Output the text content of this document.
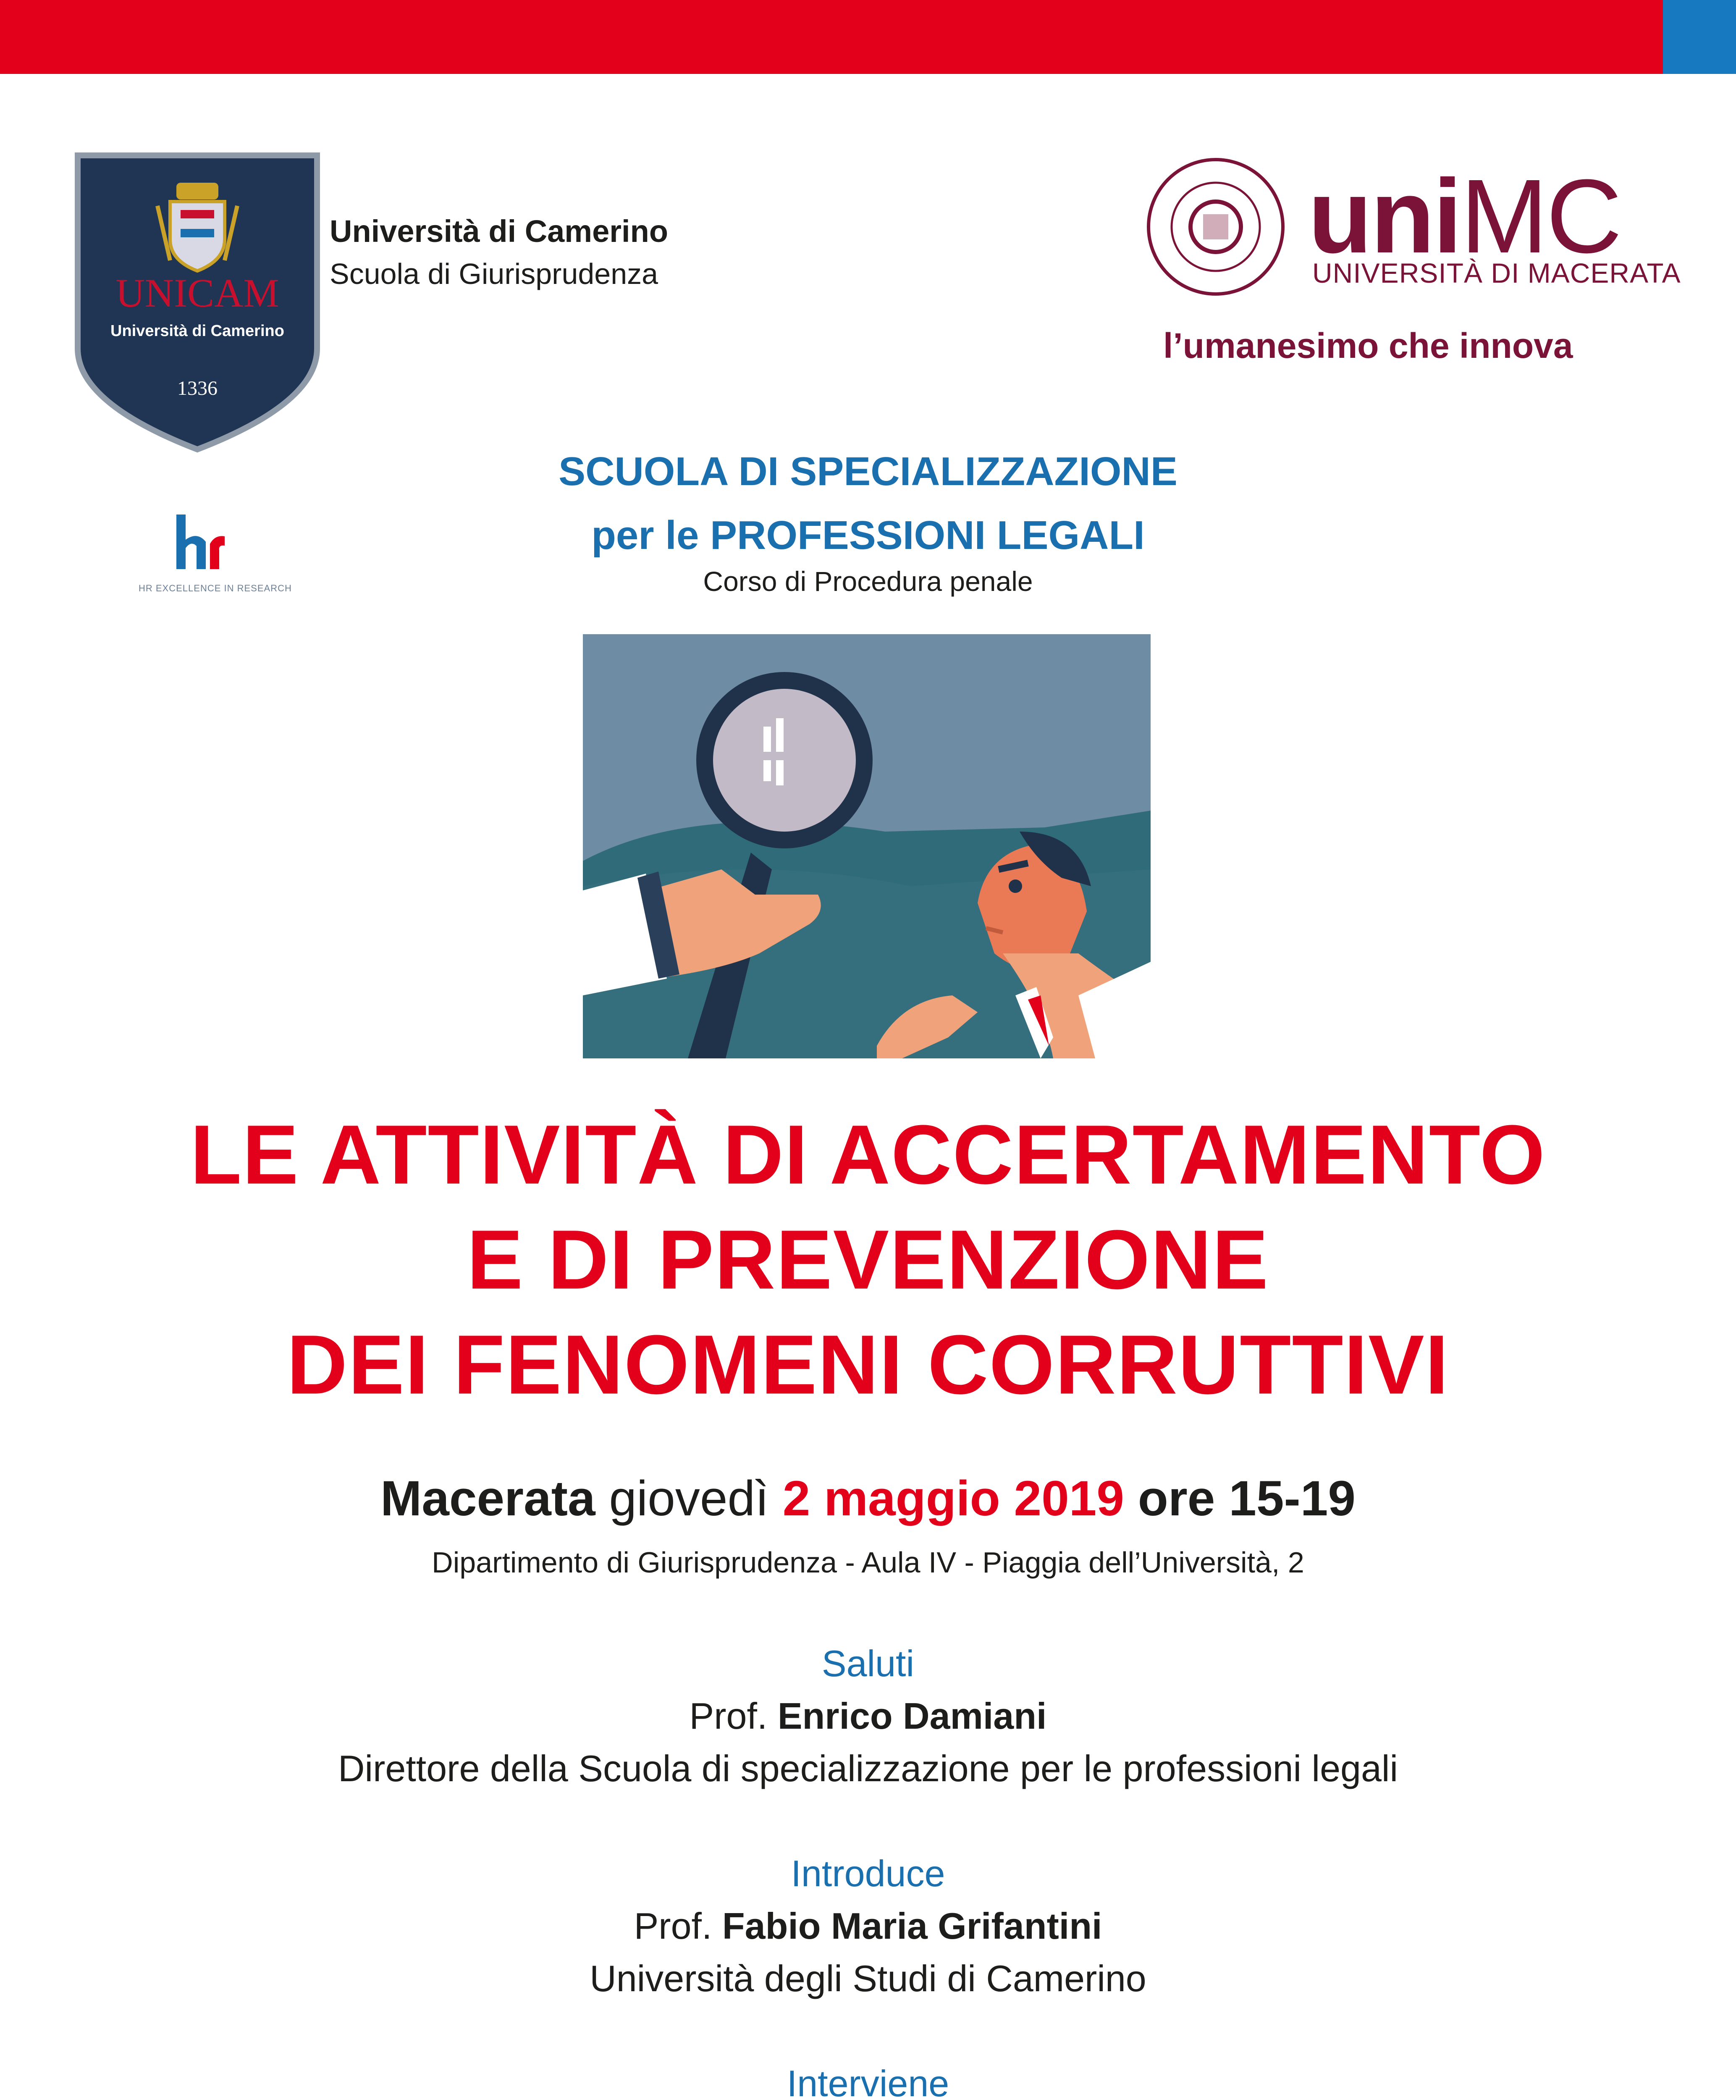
UNICAM
Università di Camerino
1336
Università di Camerino
Scuola di Giurisprudenza	uniMC
UNIVERSITÀ DI MACERATA
l’umanesimo che innova
HR EXCELLENCE IN RESEARCH
SCUOLA DI SPECIALIZZAZIONE
per le PROFESSIONI LEGALI
Corso di Procedura penale
LE ATTIVITÀ DI ACCERTAMENTO
E DI PREVENZIONE
DEI FENOMENI CORRUTTIVI
Macerata giovedì 2 maggio 2019 ore 15-19
Dipartimento di Giurisprudenza - Aula IV - Piaggia dell’Università, 2
Saluti
Prof. Enrico Damiani
Direttore della Scuola di specializzazione per le professioni legali
Introduce
Prof. Fabio Maria Grifantini
Università degli Studi di Camerino
Interviene
